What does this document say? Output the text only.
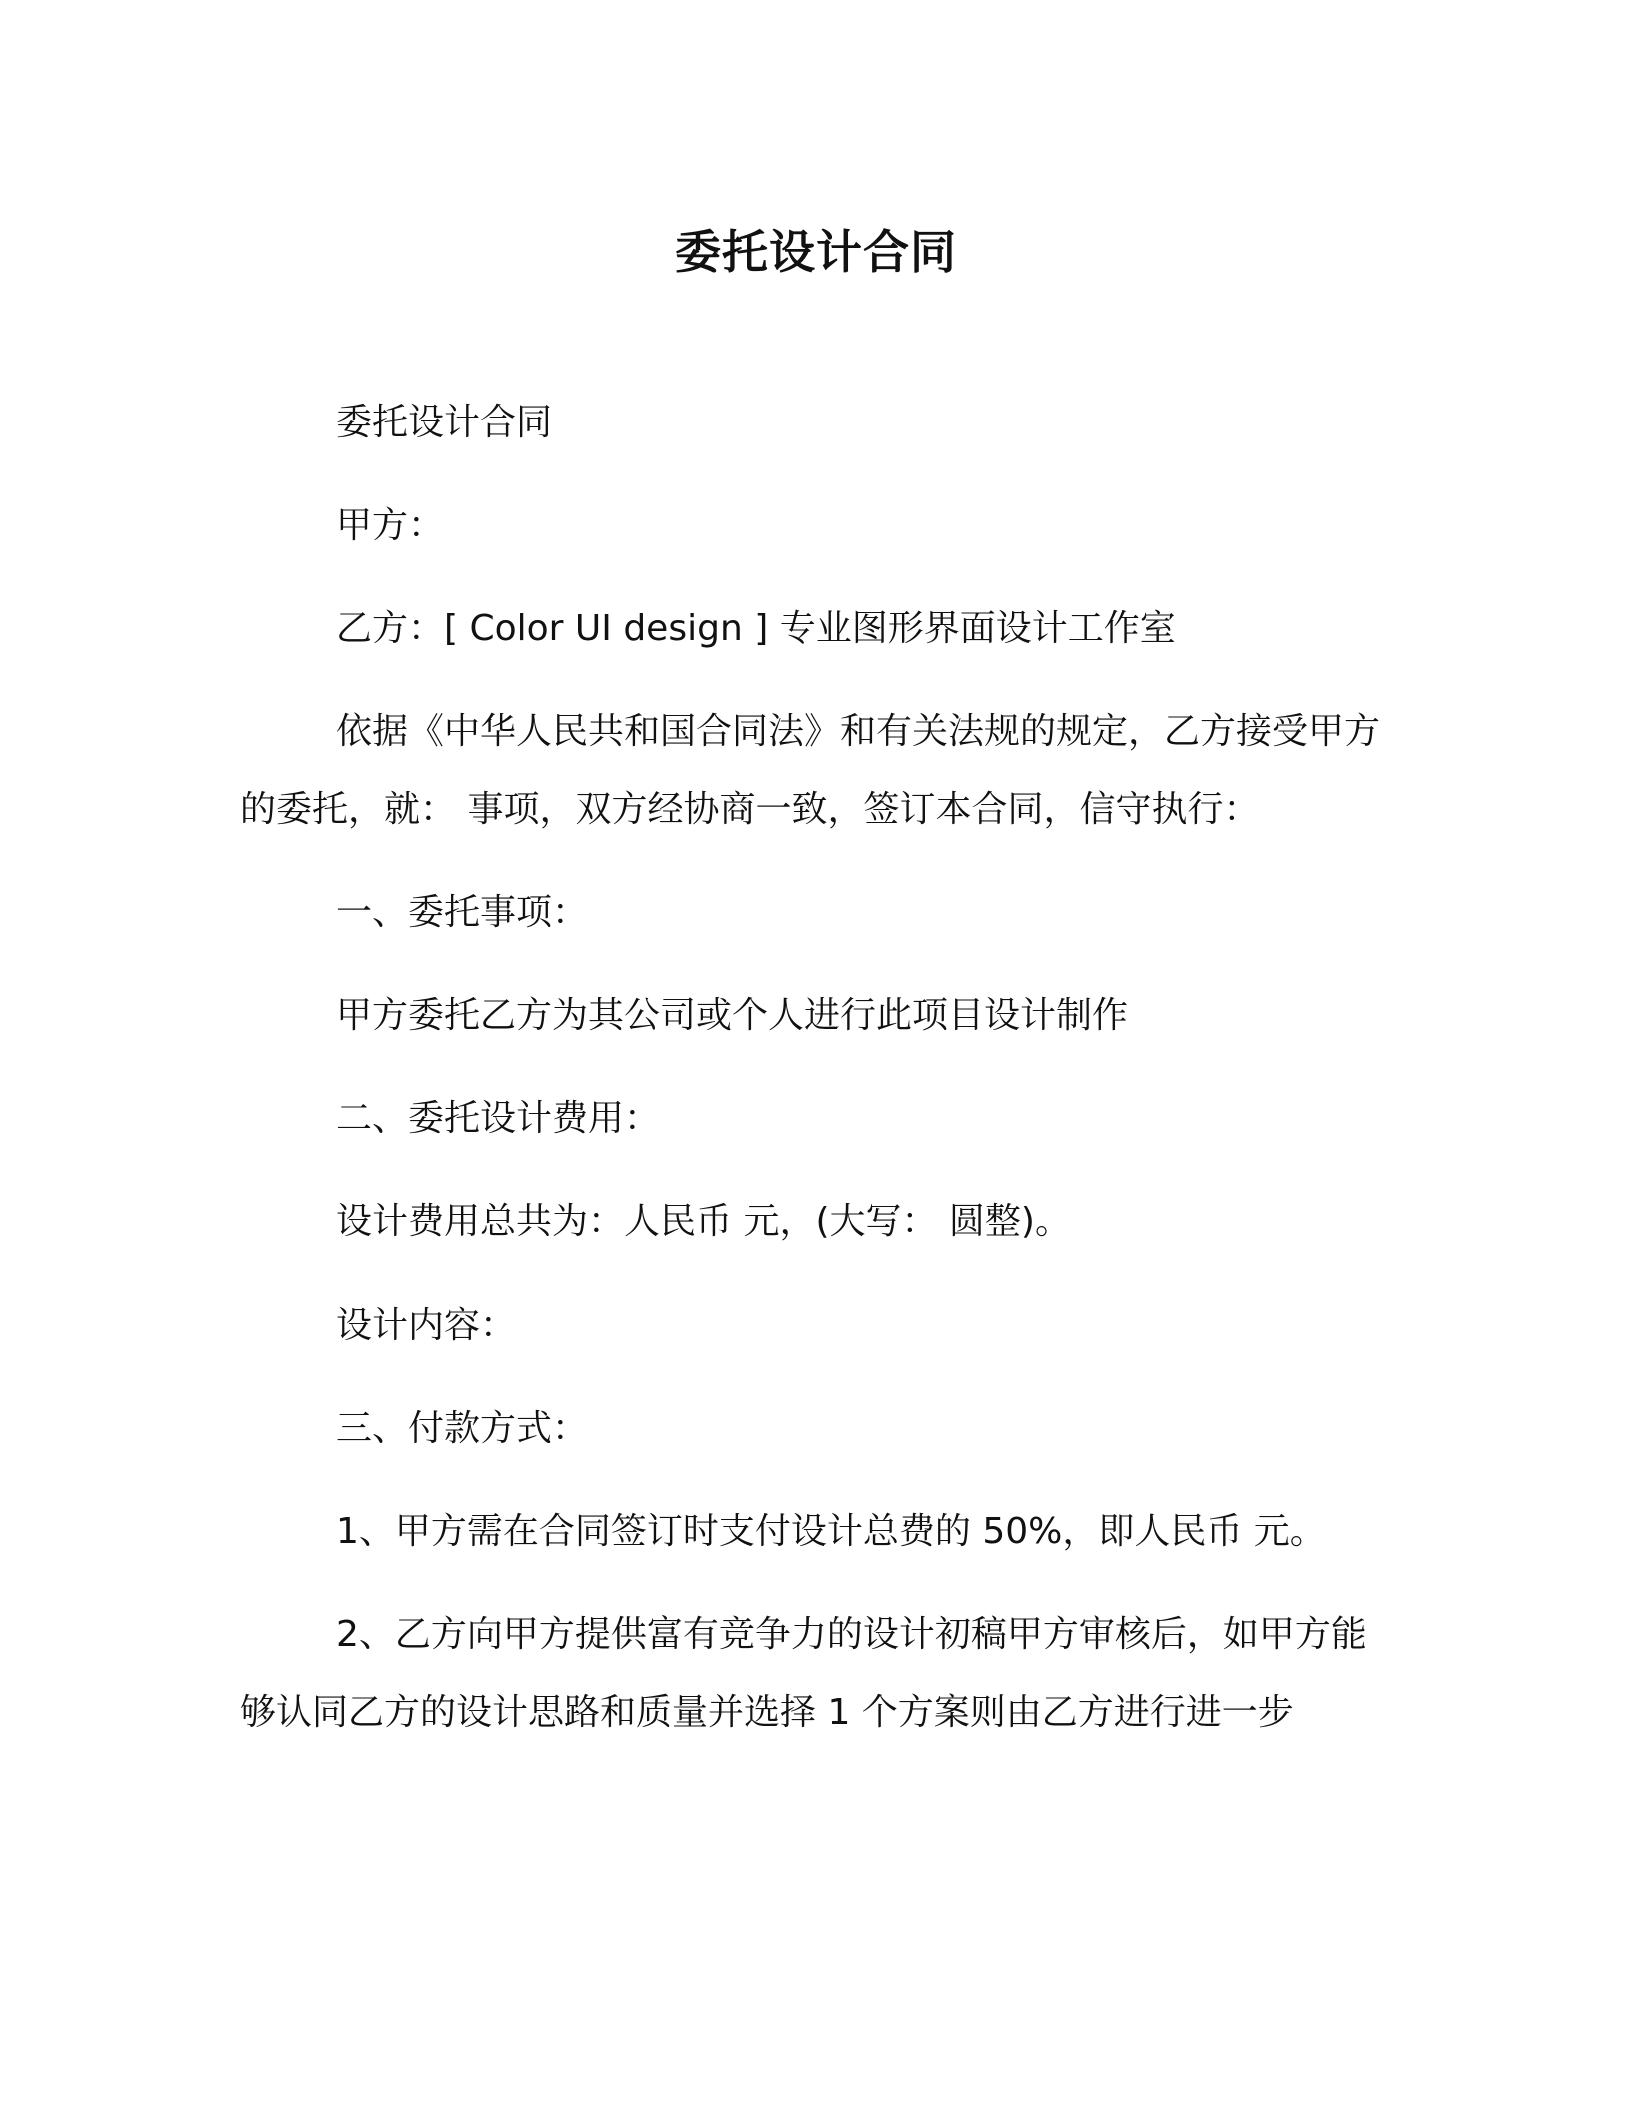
委托设计合同

委托设计合同

甲方：

乙方：[ Color UI design ] 专业图形界面设计工作室

依据《中华人民共和国合同法》和有关法规的规定，乙方接受甲方的委托，就： 事项，双方经协商一致，签订本合同，信守执行：

一、委托事项：

甲方委托乙方为其公司或个人进行此项目设计制作

二、委托设计费用：

设计费用总共为：人民币 元，(大写： 圆整)。

设计内容：

三、付款方式：

1、甲方需在合同签订时支付设计总费的 50%，即人民币 元。

2、乙方向甲方提供富有竞争力的设计初稿甲方审核后，如甲方能够认同乙方的设计思路和质量并选择 1 个方案则由乙方进行进一步
